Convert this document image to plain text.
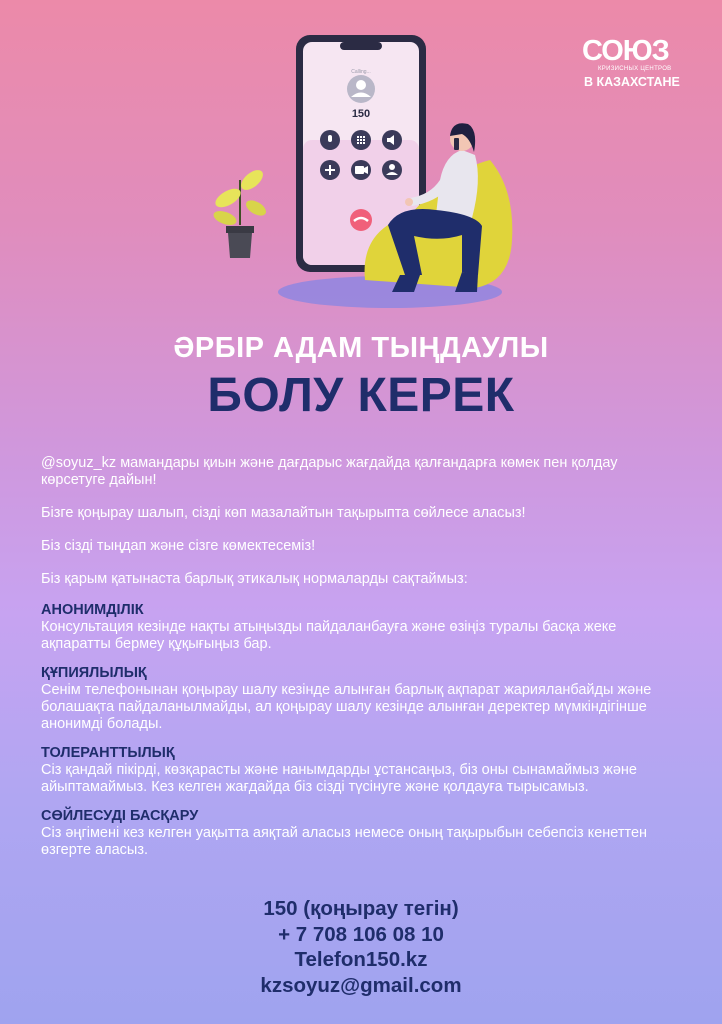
СОЮЗ
КРИЗИСНЫХ ЦЕНТРОВ
В КАЗАХСТАНЕ
Calling...
150
ӘРБІР АДАМ ТЫҢДАУЛЫ
БОЛУ КЕРЕК

@soyuz_kz мамандары қиын және дағдарыс жағдайда қалғандарға көмек пен қолдау көрсетуге дайын!

Бізге қоңырау шалып, сізді көп мазалайтын тақырыпта сөйлесе аласыз!

Біз сізді тыңдап және сізге көмектесеміз!

Біз қарым қатынаста барлық этикалық нормаларды сақтаймыз:

АНОНИМДІЛІК

Консультация кезінде нақты атыңызды пайдаланбауға және өзіңіз туралы басқа жеке ақпаратты бермеу құқығыңыз бар.

ҚҰПИЯЛЫЛЫҚ

Сенім телефонынан қоңырау шалу кезінде алынған барлық ақпарат жарияланбайды және болашақта пайдаланылмайды, ал қоңырау шалу кезінде алынған деректер мүмкіндігінше анонимді болады.

ТОЛЕРАНТТЫЛЫҚ

Сіз қандай пікірді, көзқарасты және нанымдарды ұстансаңыз, біз оны сынамаймыз және айыптамаймыз. Кез келген жағдайда біз сізді түсінуге және қолдауға тырысамыз.

СӨЙЛЕСУДІ БАСҚАРУ

Сіз әңгімені кез келген уақытта аяқтай аласыз немесе оның тақырыбын себепсіз кенеттен өзгерте аласыз.

150 (қоңырау тегін)
+ 7 708 106 08 10
Telefon150.kz
kzsoyuz@gmail.com
